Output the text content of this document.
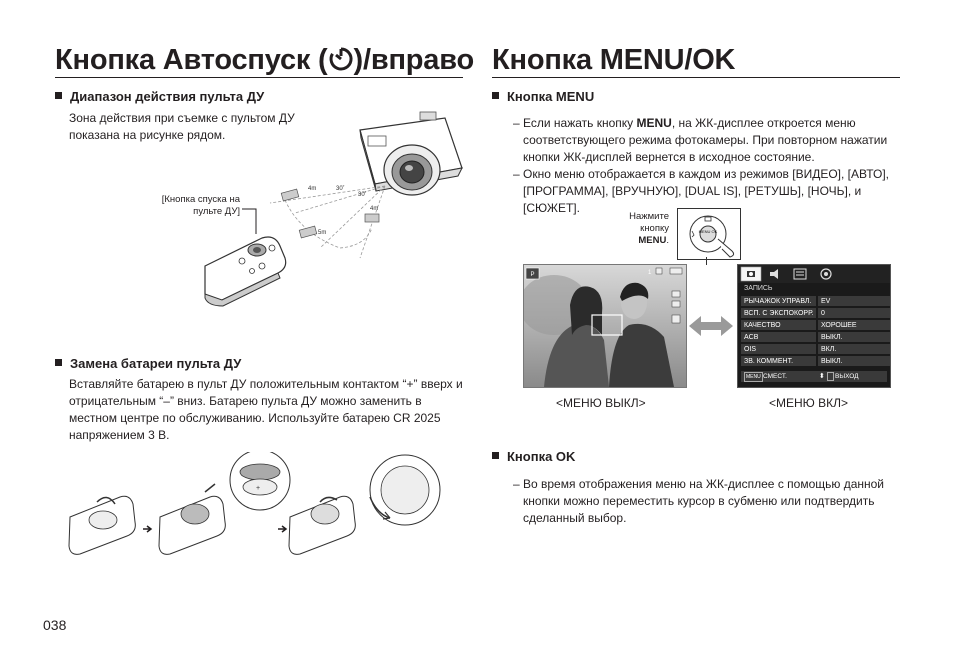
Кнопка Автоспуск ( )/вправо Кнопка MENU/OK
Диапазон действия пульта ДУ
Зона действия при съемке с пультом ДУ
показана на рисунке рядом.
[Кнопка спуска на
пульте ДУ]
4m	30˚
30˚
4m
5m
Замена батареи пульта ДУ
Вставляйте батарею в пульт ДУ положительным контактом “+” вверх и
отрицательным “–” вниз. Батарею пульта ДУ можно заменить в
местном центре по обслуживанию. Используйте батарею CR 2025
напряжением 3 В.
+
Кнопка MENU
– Если нажать кнопку MENU, на ЖК-дисплее откроется меню
соответствующего режима фотокамеры. При повторном нажатии
кнопки ЖК-дисплей вернется в исходное состояние.
– Окно меню отображается в каждом из режимов [ВИДЕО], [АВТО],
[ПРОГРАММА], [ВРУЧНУЮ], [DUAL IS], [РЕТУШЬ], [НОЧЬ], и
[СЮЖЕТ].
Нажмите
кнопку
MENU.
MENU OK
P	1
ЗАПИСЬ
РЫЧАЖОК УПРАВЛ.	EV
ВСП. С ЭКСПОКОРР.	0
КАЧЕСТВО	ХОРОШЕЕ
ACB	ВЫКЛ.
OIS	ВКЛ.
ЗВ. КОММЕНТ.	ВЫКЛ.
MENU СМЕСТ.	⬍ ВЫХОД
<МЕНЮ ВЫКЛ>	<МЕНЮ ВКЛ>
Кнопка OK
– Во время отображения меню на ЖК-дисплее с помощью данной
кнопки можно переместить курсор в субменю или подтвердить
сделанный выбор.
038
